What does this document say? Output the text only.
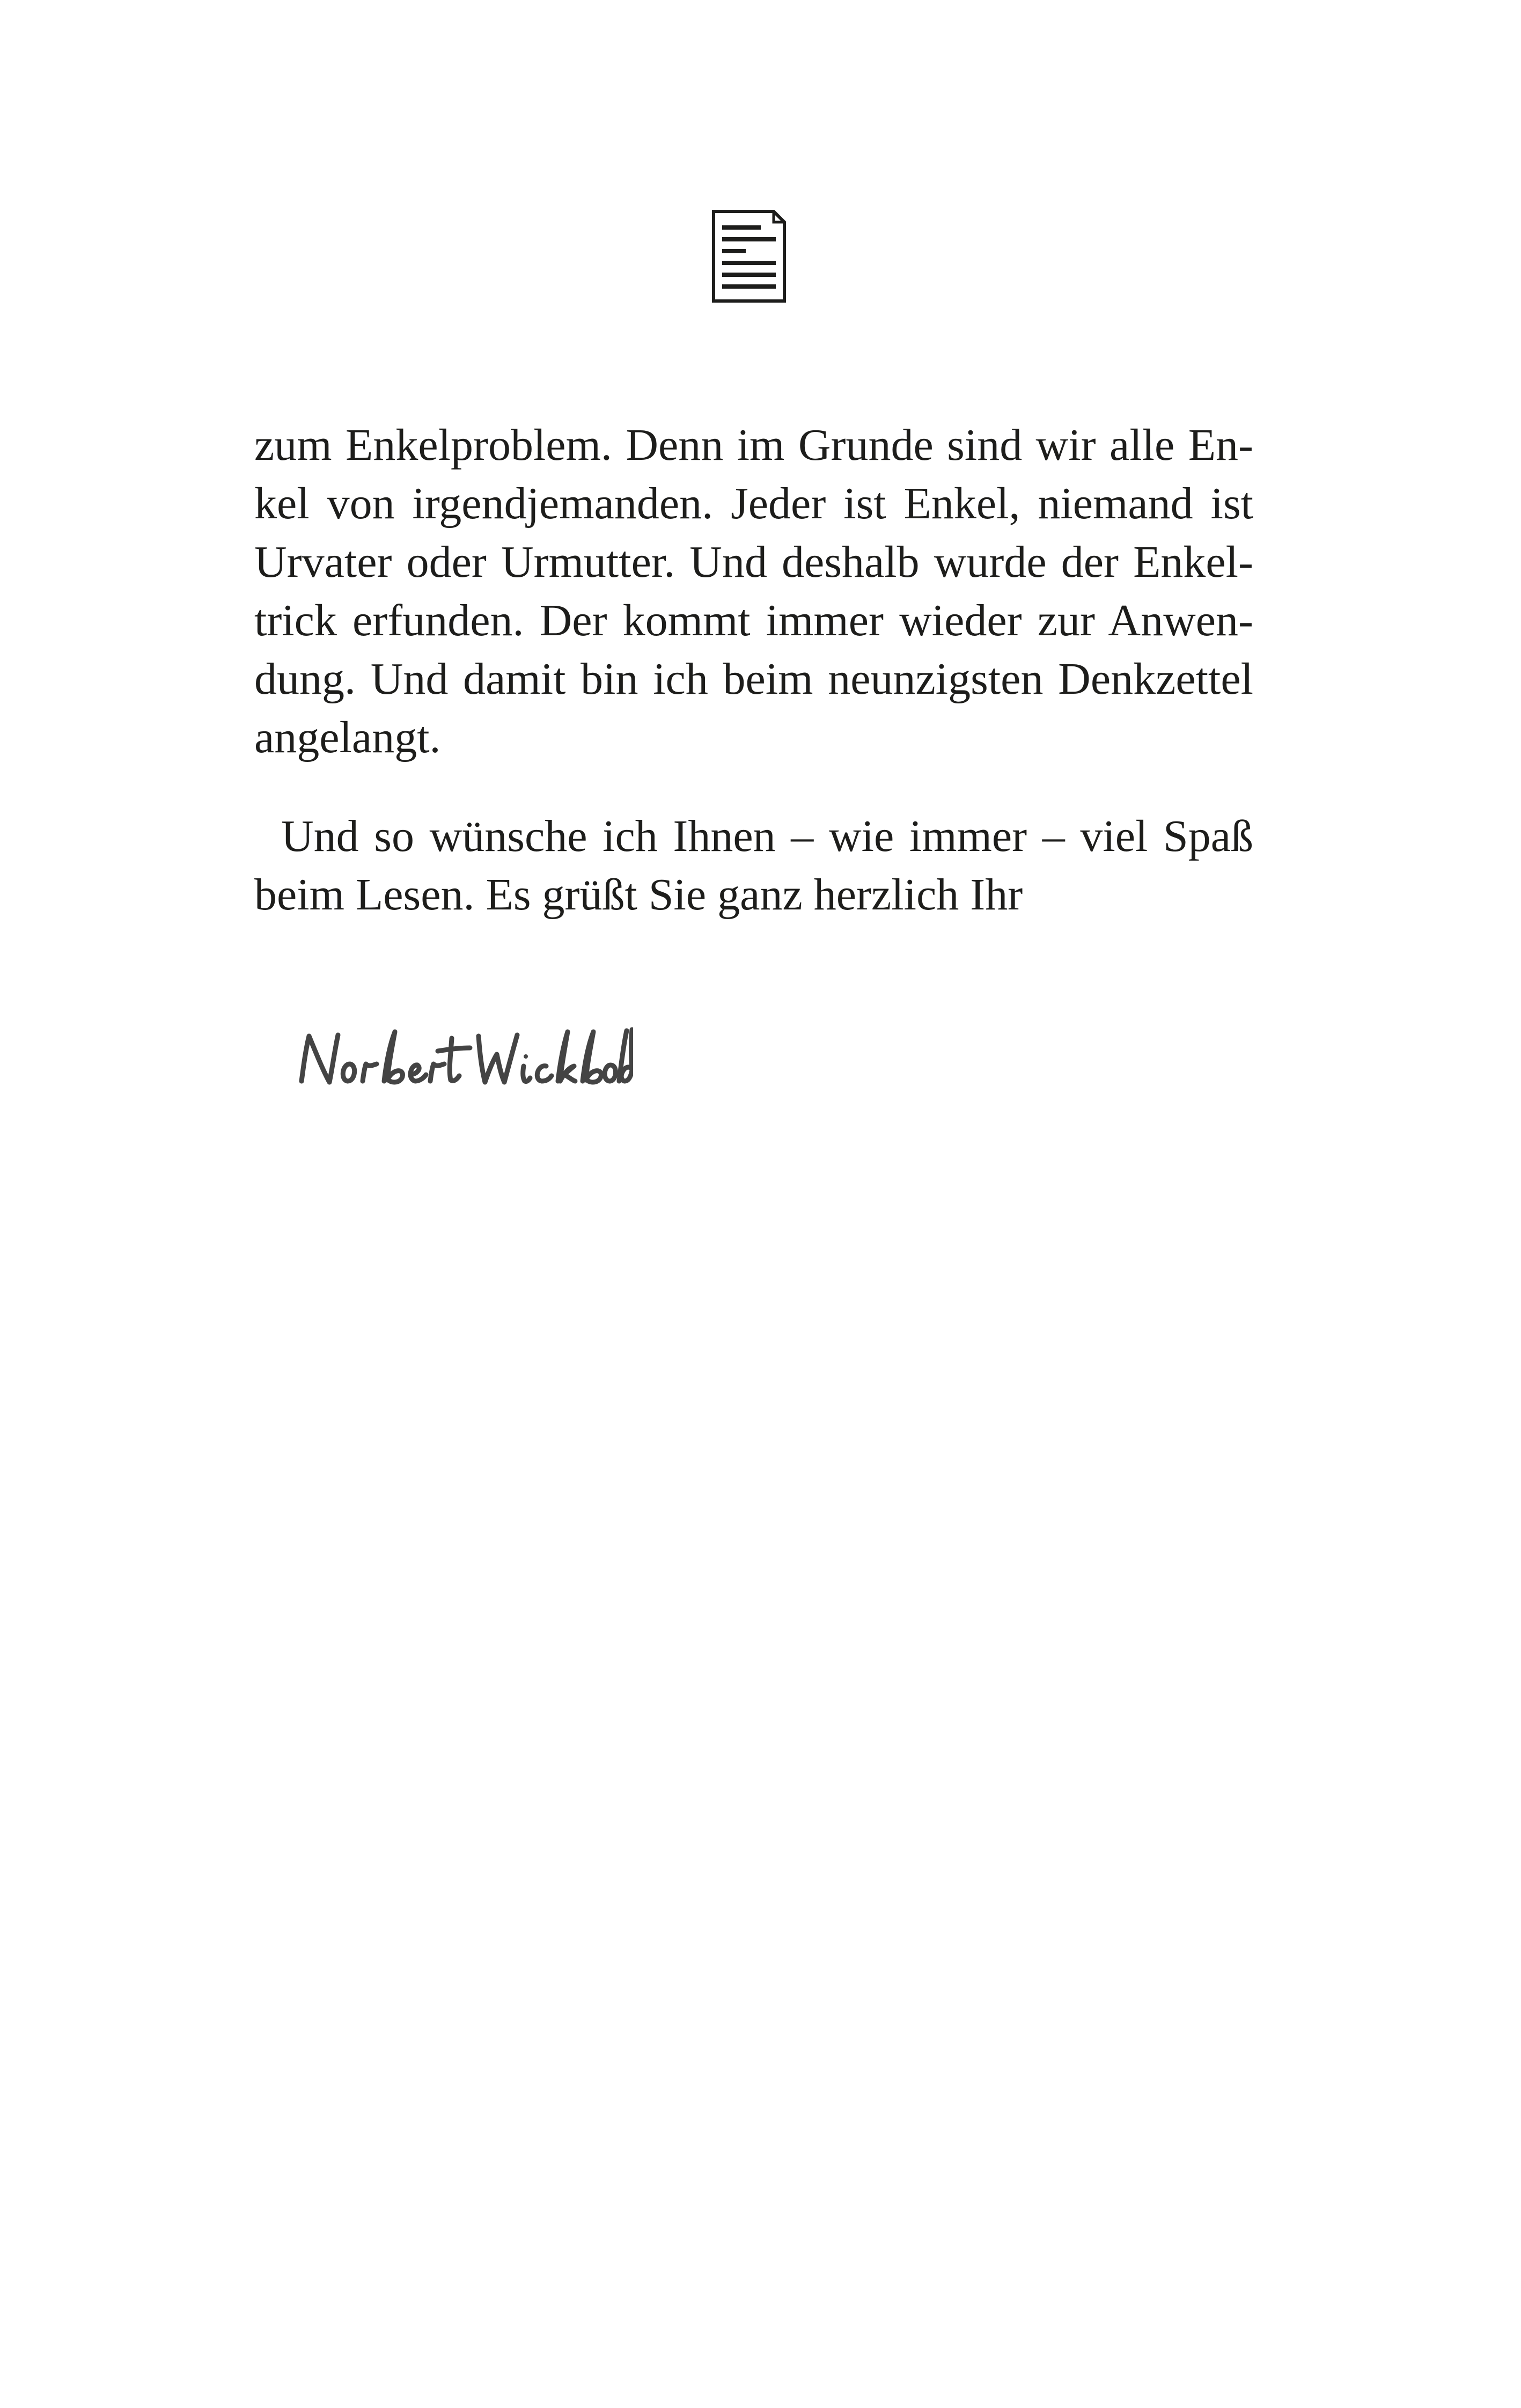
zum Enkelproblem. Denn im Grunde sind wir alle En-
kel von irgendjemanden. Jeder ist Enkel, niemand ist
Urvater oder Urmutter. Und deshalb wurde der Enkel-
trick erfunden. Der kommt immer wieder zur Anwen-
dung. Und damit bin ich beim neunzigsten Denkzettel
angelangt.
Und so wünsche ich Ihnen – wie immer – viel Spaß
beim Lesen. Es grüßt Sie ganz herzlich Ihr
